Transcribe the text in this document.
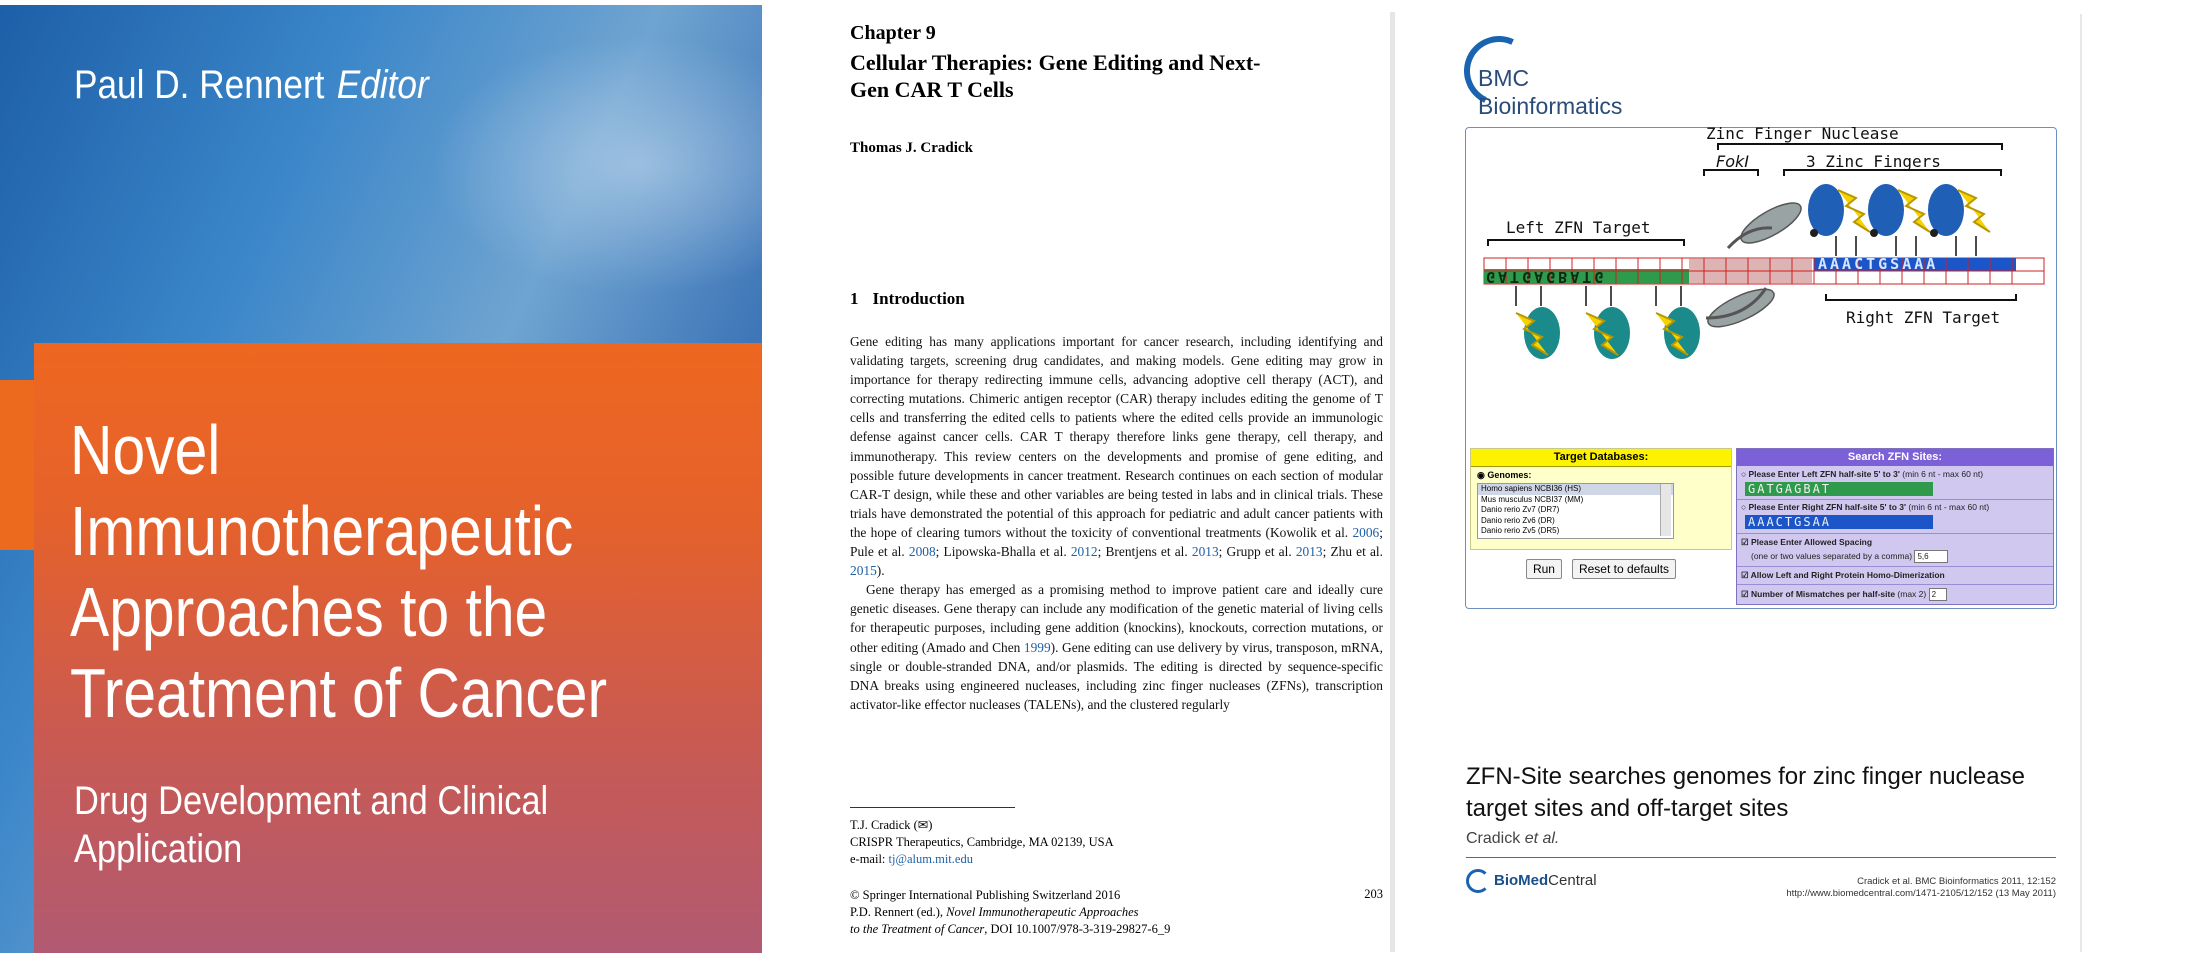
Paul D. Rennert Editor
Novel
Immunotherapeutic
Approaches to the
Treatment of Cancer
Drug Development and Clinical
Application
Chapter 9
Cellular Therapies: Gene Editing and Next-Gen CAR T Cells
Thomas J. Cradick
1 Introduction

Gene editing has many applications important for cancer research, including identifying and validating targets, screening drug candidates, and making models. Gene editing may grow in importance for therapy redirecting immune cells, advancing adoptive cell therapy (ACT), and correcting mutations. Chimeric antigen receptor (CAR) therapy includes editing the genome of T cells and transferring the edited cells to patients where the edited cells provide an immunologic defense against cancer cells. CAR T therapy therefore links gene therapy, cell therapy, and immunotherapy. This review centers on the developments and promise of gene editing, and possible future developments in cancer treatment. Research continues on each section of modular CAR-T design, while these and other variables are being tested in labs and in clinical trials. These trials have demonstrated the potential of this approach for pediatric and adult cancer patients with the hope of clearing tumors without the toxicity of conventional treatments (Kowolik et al. 2006; Pule et al. 2008; Lipowska-Bhalla et al. 2012; Brentjens et al. 2013; Grupp et al. 2013; Zhu et al. 2015).

Gene therapy has emerged as a promising method to improve patient care and ideally cure genetic diseases. Gene therapy can include any modification of the genetic material of living cells for therapeutic purposes, including gene addition (knockins), knockouts, correction mutations, or other editing (Amado and Chen 1999). Gene editing can use delivery by virus, transposon, mRNA, single or double-stranded DNA, and/or plasmids. The editing is directed by sequence-specific DNA breaks using engineered nucleases, including zinc finger nucleases (ZFNs), transcription activator-like effector nucleases (TALENs), and the clustered regularly

T.J. Cradick (✉)
CRISPR Therapeutics, Cambridge, MA 02139, USA
e-mail: tj@alum.mit.edu
© Springer International Publishing Switzerland 2016
P.D. Rennert (ed.), Novel Immunotherapeutic Approaches
to the Treatment of Cancer, DOI 10.1007/978-3-319-29827-6_9
203
BMC
Bioinformatics
Zinc Finger Nuclease
FokI	3 Zinc Fingers
Left ZFN Target
Right ZFN Target
GATGAGBATG
AAACTGSAAA
Target Databases:
◉ Genomes:
Homo sapiens NCBI36 (HS)
Mus musculus NCBI37 (MM)
Danio rerio Zv7 (DR7)
Danio rerio Zv6 (DR)
Danio rerio Zv5 (DR5)
Run Reset to defaults
Search ZFN Sites:
○ Please Enter Left ZFN half-site 5' to 3' (min 6 nt - max 60 nt)
GATGAGBAT
○ Please Enter Right ZFN half-site 5' to 3' (min 6 nt - max 60 nt)
AAACTGSAA
☑ Please Enter Allowed Spacing
(one or two values separated by a comma) 5,6
☑ Allow Left and Right Protein Homo-Dimerization
☑ Number of Mismatches per half-site (max 2) 2
ZFN-Site searches genomes for zinc finger nuclease target sites and off-target sites
Cradick et al.
BioMedCentral	Cradick et al. BMC Bioinformatics 2011, 12:152
http://www.biomedcentral.com/1471-2105/12/152 (13 May 2011)
